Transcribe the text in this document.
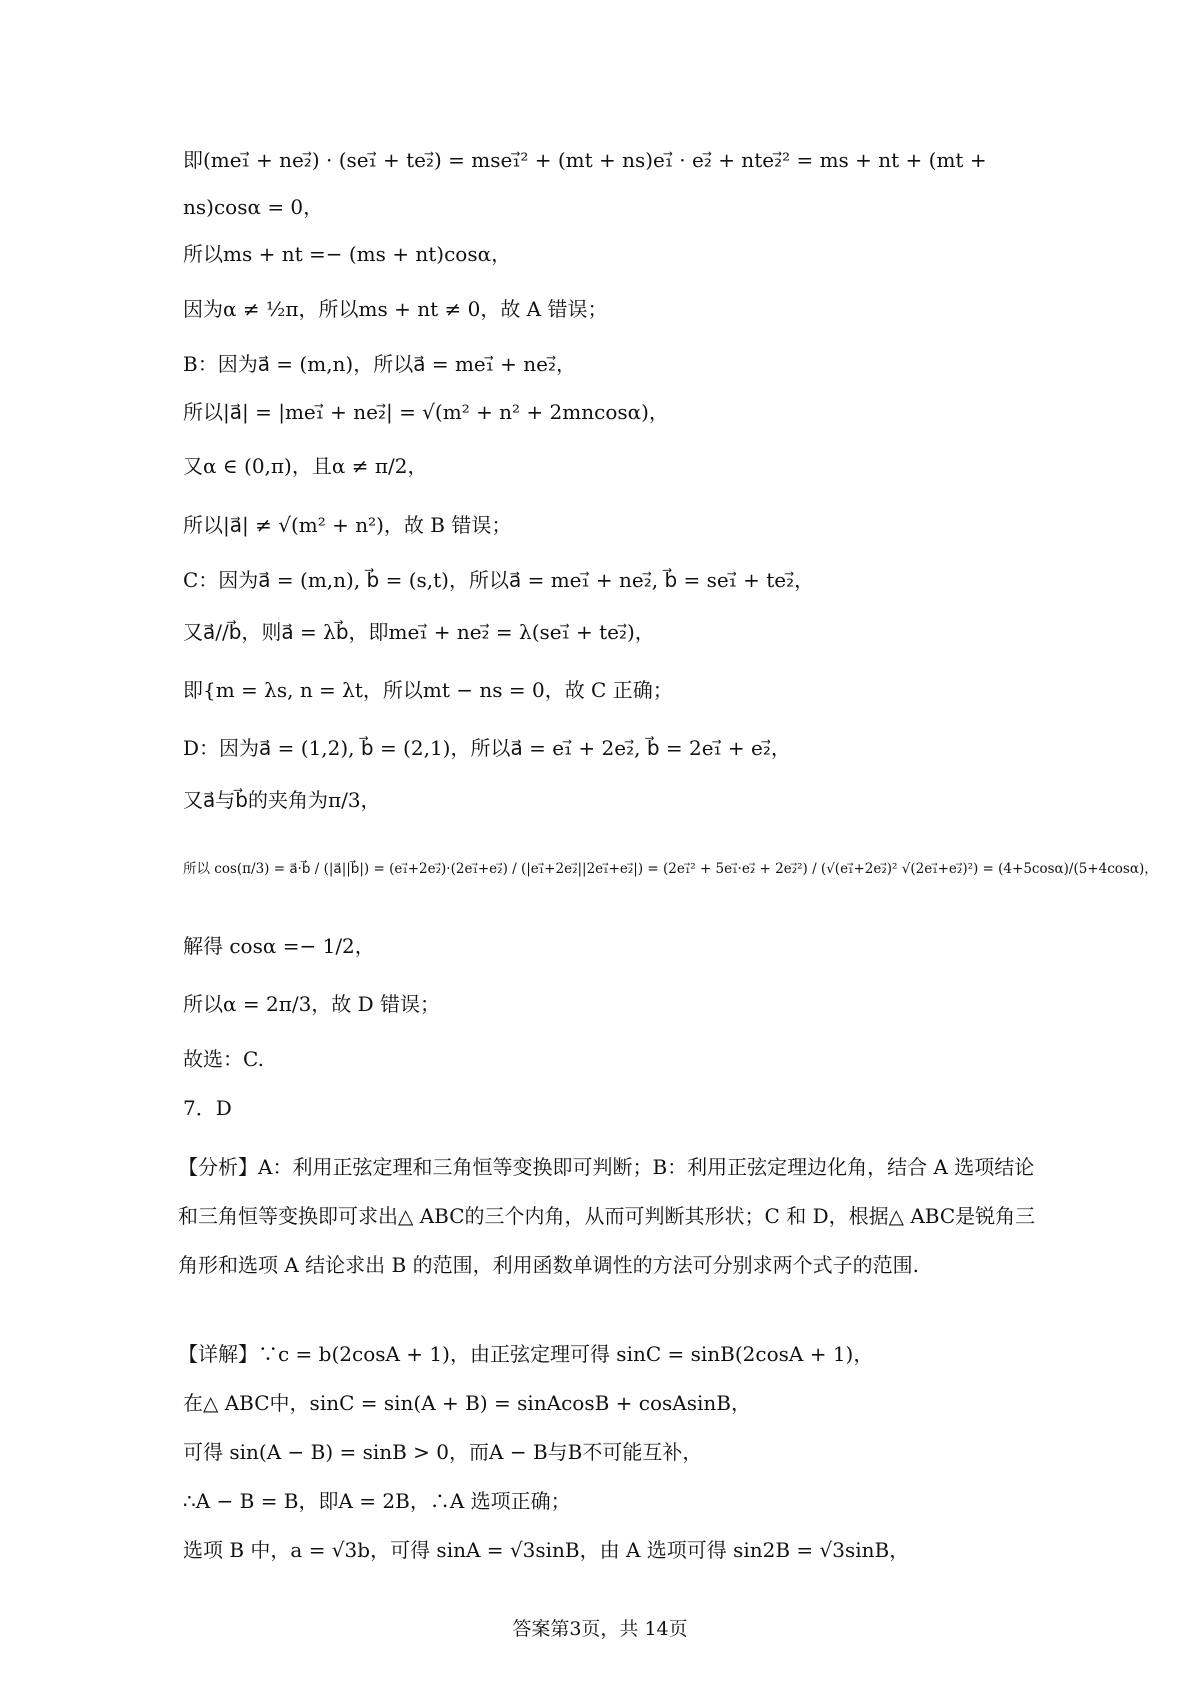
即(me₁⃗ + ne₂⃗) · (se₁⃗ + te₂⃗) = mse₁⃗² + (mt + ns)e₁⃗ · e₂⃗ + nte₂⃗² = ms + nt + (mt +
ns)cosα = 0，
所以ms + nt =− (ms + nt)cosα，
因为α ≠ ½π，所以ms + nt ≠ 0，故 A 错误；
B：因为a⃗ = (m,n)，所以a⃗ = me₁⃗ + ne₂⃗，
所以|a⃗| = |me₁⃗ + ne₂⃗| = √(m² + n² + 2mncosα)，
又α ∈ (0,π)，且α ≠ π/2，
所以|a⃗| ≠ √(m² + n²)，故 B 错误；
C：因为a⃗ = (m,n), b⃗ = (s,t)，所以a⃗ = me₁⃗ + ne₂⃗, b⃗ = se₁⃗ + te₂⃗，
又a⃗//b⃗，则a⃗ = λb⃗，即me₁⃗ + ne₂⃗ = λ(se₁⃗ + te₂⃗)，
即{m = λs, n = λt，所以mt − ns = 0，故 C 正确；
D：因为a⃗ = (1,2), b⃗ = (2,1)，所以a⃗ = e₁⃗ + 2e₂⃗, b⃗ = 2e₁⃗ + e₂⃗，
又a⃗与b⃗的夹角为π/3，
所以 cos(π/3) = a⃗·b⃗ / (|a⃗||b⃗|) = (e₁⃗+2e₂⃗)·(2e₁⃗+e₂⃗) / (|e₁⃗+2e₂⃗||2e₁⃗+e₂⃗|) = (2e₁⃗² + 5e₁⃗·e₂⃗ + 2e₂⃗²) / (√(e₁⃗+2e₂⃗)² √(2e₁⃗+e₂⃗)²) = (4+5cosα)/(5+4cosα)，
解得 cosα =− 1/2，
所以α = 2π/3，故 D 错误；
故选：C.
7．D
【分析】A：利用正弦定理和三角恒等变换即可判断；B：利用正弦定理边化角，结合 A 选项结论和三角恒等变换即可求出△ ABC的三个内角，从而可判断其形状；C 和 D，根据△ ABC是锐角三角形和选项 A 结论求出 B 的范围，利用函数单调性的方法可分别求两个式子的范围.
【详解】∵c = b(2cosA + 1)，由正弦定理可得 sinC = sinB(2cosA + 1)，
在△ ABC中，sinC = sin(A + B) = sinAcosB + cosAsinB，
可得 sin(A − B) = sinB > 0，而A − B与B不可能互补，
∴A − B = B，即A = 2B，∴A 选项正确；
选项 B 中，a = √3b，可得 sinA = √3sinB，由 A 选项可得 sin2B = √3sinB，
答案第3页，共 14页
